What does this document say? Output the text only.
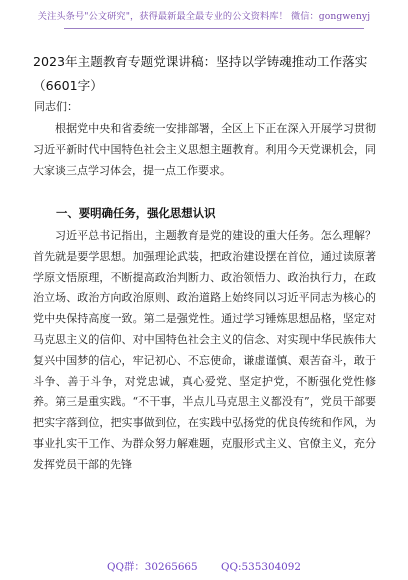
关注头条号"公文研究"，获得最新最全最专业的公文资料库！ 微信：gongwenyj
2023年主题教育专题党课讲稿：坚持以学铸魂推动工作落实（6601字）
同志们：

根据党中央和省委统一安排部署，全区上下正在深入开展学习贯彻习近平新时代中国特色社会主义思想主题教育。利用今天党课机会，同大家谈三点学习体会，提一点工作要求。

一、要明确任务，强化思想认识

习近平总书记指出，主题教育是党的建设的重大任务。怎么理解？首先就是要学思想。加强理论武装，把政治建设摆在首位，通过读原著学原文悟原理，不断提高政治判断力、政治领悟力、政治执行力，在政治立场、政治方向政治原则、政治道路上始终同以习近平同志为核心的党中央保持高度一致。第二是强党性。通过学习锤炼思想品格，坚定对马克思主义的信仰、对中国特色社会主义的信念、对实现中华民族伟大复兴中国梦的信心，牢记初心、不忘使命，谦虚谨慎、艰苦奋斗，敢于斗争、善于斗争，对党忠诚，真心爱党、坚定护党，不断强化党性修养。第三是重实践。“不干事，半点儿马克思主义都没有”，党员干部要把实字落到位，把实事做到位，在实践中弘扬党的优良传统和作风，为事业扎实干工作、为群众努力解难题，克服形式主义、官僚主义，充分发挥党员干部的先锋

QQ群：30265665 QQ:535304092
